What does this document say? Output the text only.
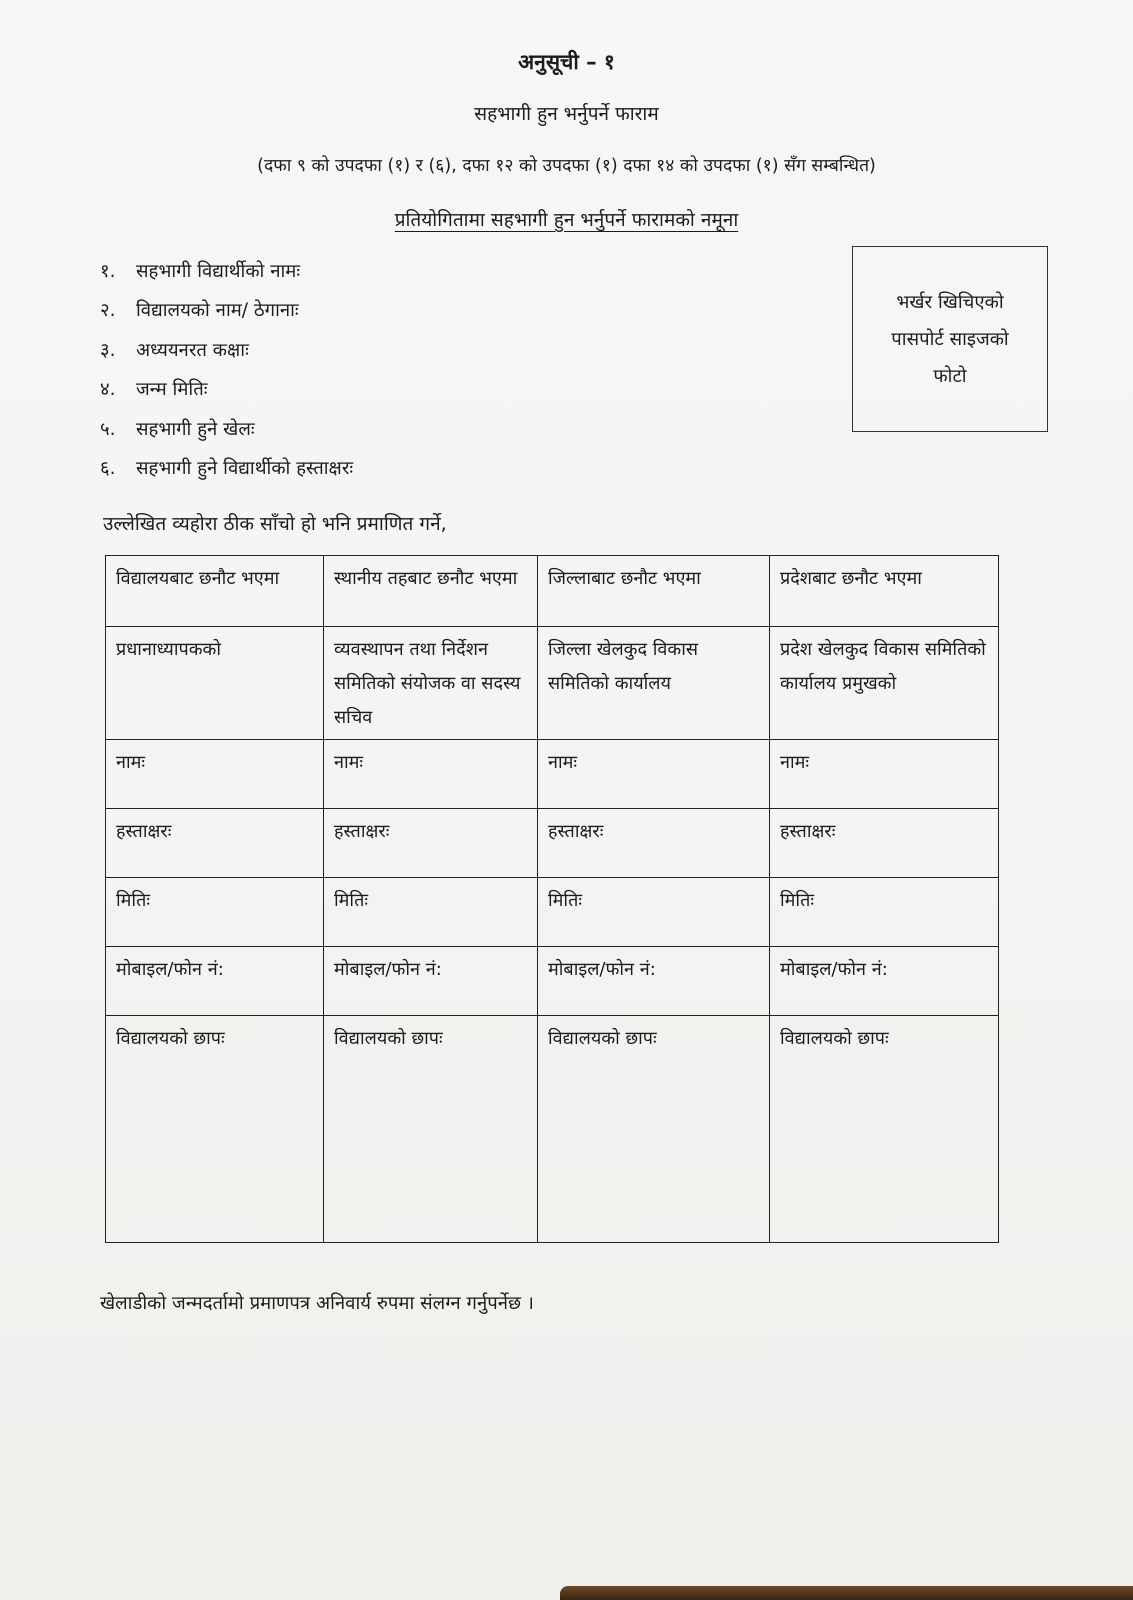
अनुसूची – १
सहभागी हुन भर्नुपर्ने फाराम
(दफा ९ को उपदफा (१) र (६), दफा १२ को उपदफा (१) दफा १४ को उपदफा (१) सँग सम्बन्धित)
प्रतियोगितामा सहभागी हुन भर्नुपर्ने फारामको नमूना
१. सहभागी विद्यार्थीको नामः
२. विद्यालयको नाम/ ठेगानाः
३. अध्ययनरत कक्षाः
४. जन्म मितिः
५. सहभागी हुने खेलः
६. सहभागी हुने विद्यार्थीको हस्ताक्षरः
भर्खर खिचिएको
पासपोर्ट साइजको
फोटो
उल्लेखित व्यहोरा ठीक साँचो हो भनि प्रमाणित गर्ने,
विद्यालयबाट छनौट भएमा	स्थानीय तहबाट छनौट भएमा	जिल्लाबाट छनौट भएमा	प्रदेशबाट छनौट भएमा
प्रधानाध्यापकको	व्यवस्थापन तथा निर्देशन समितिको संयोजक वा सदस्य सचिव	जिल्ला खेलकुद विकास समितिको कार्यालय	प्रदेश खेलकुद विकास समितिको कार्यालय प्रमुखको
नामः	नामः	नामः	नामः
हस्ताक्षरः	हस्ताक्षरः	हस्ताक्षरः	हस्ताक्षरः
मितिः	मितिः	मितिः	मितिः
मोबाइल/फोन नं:	मोबाइल/फोन नं:	मोबाइल/फोन नं:	मोबाइल/फोन नं:
विद्यालयको छापः	विद्यालयको छापः	विद्यालयको छापः	विद्यालयको छापः
खेलाडीको जन्मदर्तामो प्रमाणपत्र अनिवार्य रुपमा संलग्न गर्नुपर्नेछ ।
